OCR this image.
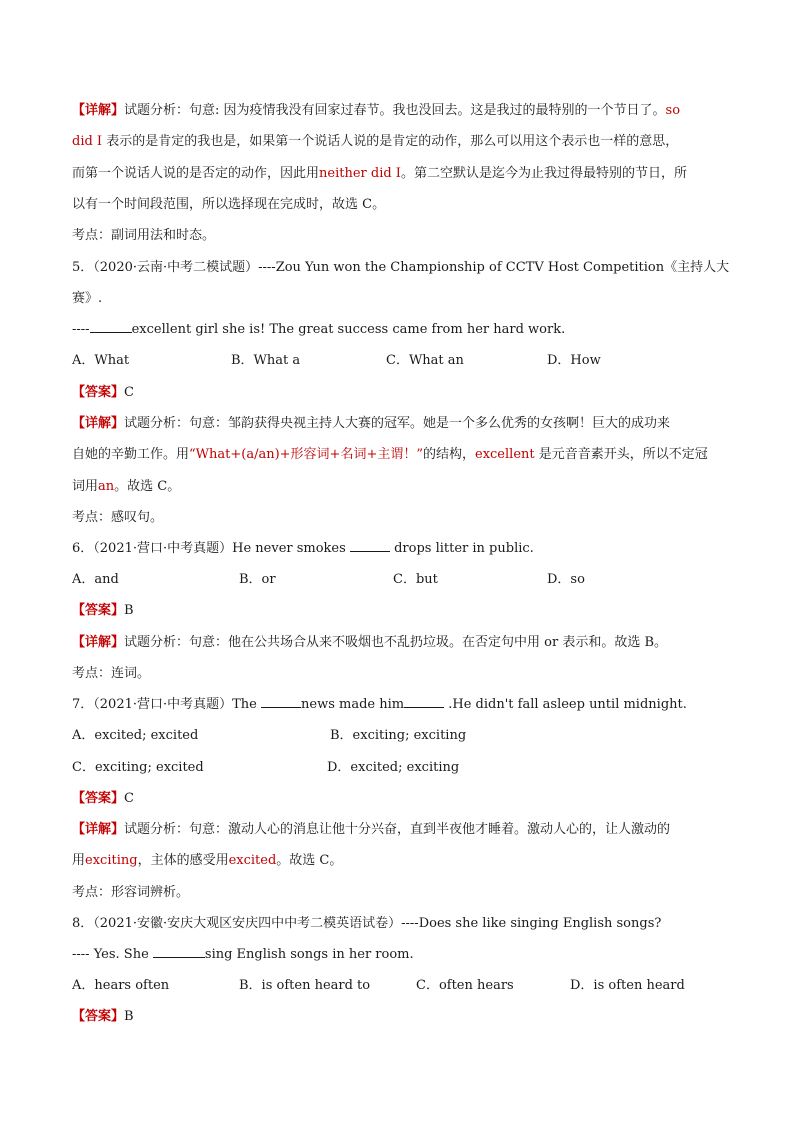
【详解】试题分析：句意: 因为疫情我没有回家过春节。我也没回去。这是我过的最特别的一个节日了。so
did I 表示的是肯定的我也是，如果第一个说话人说的是肯定的动作，那么可以用这个表示也一样的意思，
而第一个说话人说的是否定的动作，因此用neither did I。第二空默认是迄今为止我过得最特别的节日，所
以有一个时间段范围，所以选择现在完成时，故选 C。
考点：副词用法和时态。
5．（2020·云南·中考二模试题）----Zou Yun won the Championship of CCTV Host Competition《主持人大
赛》.
----	excellent girl she is! The great success came from her hard work.
A．What	B．What a	C．What an	D．How
【答案】C
【详解】试题分析：句意：邹韵获得央视主持人大赛的冠军。她是一个多么优秀的女孩啊！巨大的成功来
自她的辛勤工作。用“What+(a/an)+形容词+名词+主谓！”的结构，excellent 是元音音素开头，所以不定冠
词用an。故选 C。
考点：感叹句。
6．（2021·营口·中考真题）He never smokes	drops litter in public.
A．and	B．or	C．but	D．so
【答案】B
【详解】试题分析：句意：他在公共场合从来不吸烟也不乱扔垃圾。在否定句中用 or 表示和。故选 B。
考点：连词。
7．（2021·营口·中考真题）The	news made him	.He didn't fall asleep until midnight.
A．excited; excited	B．exciting; exciting
C．exciting; excited	D．excited; exciting
【答案】C
【详解】试题分析：句意：激动人心的消息让他十分兴奋，直到半夜他才睡着。激动人心的，让人激动的
用exciting，主体的感受用excited。故选 C。
考点：形容词辨析。
8．（2021·安徽·安庆大观区安庆四中中考二模英语试卷）----Does she like singing English songs?
---- Yes. She	sing English songs in her room.
A．hears often	B．is often heard to	C．often hears	D．is often heard
【答案】B
